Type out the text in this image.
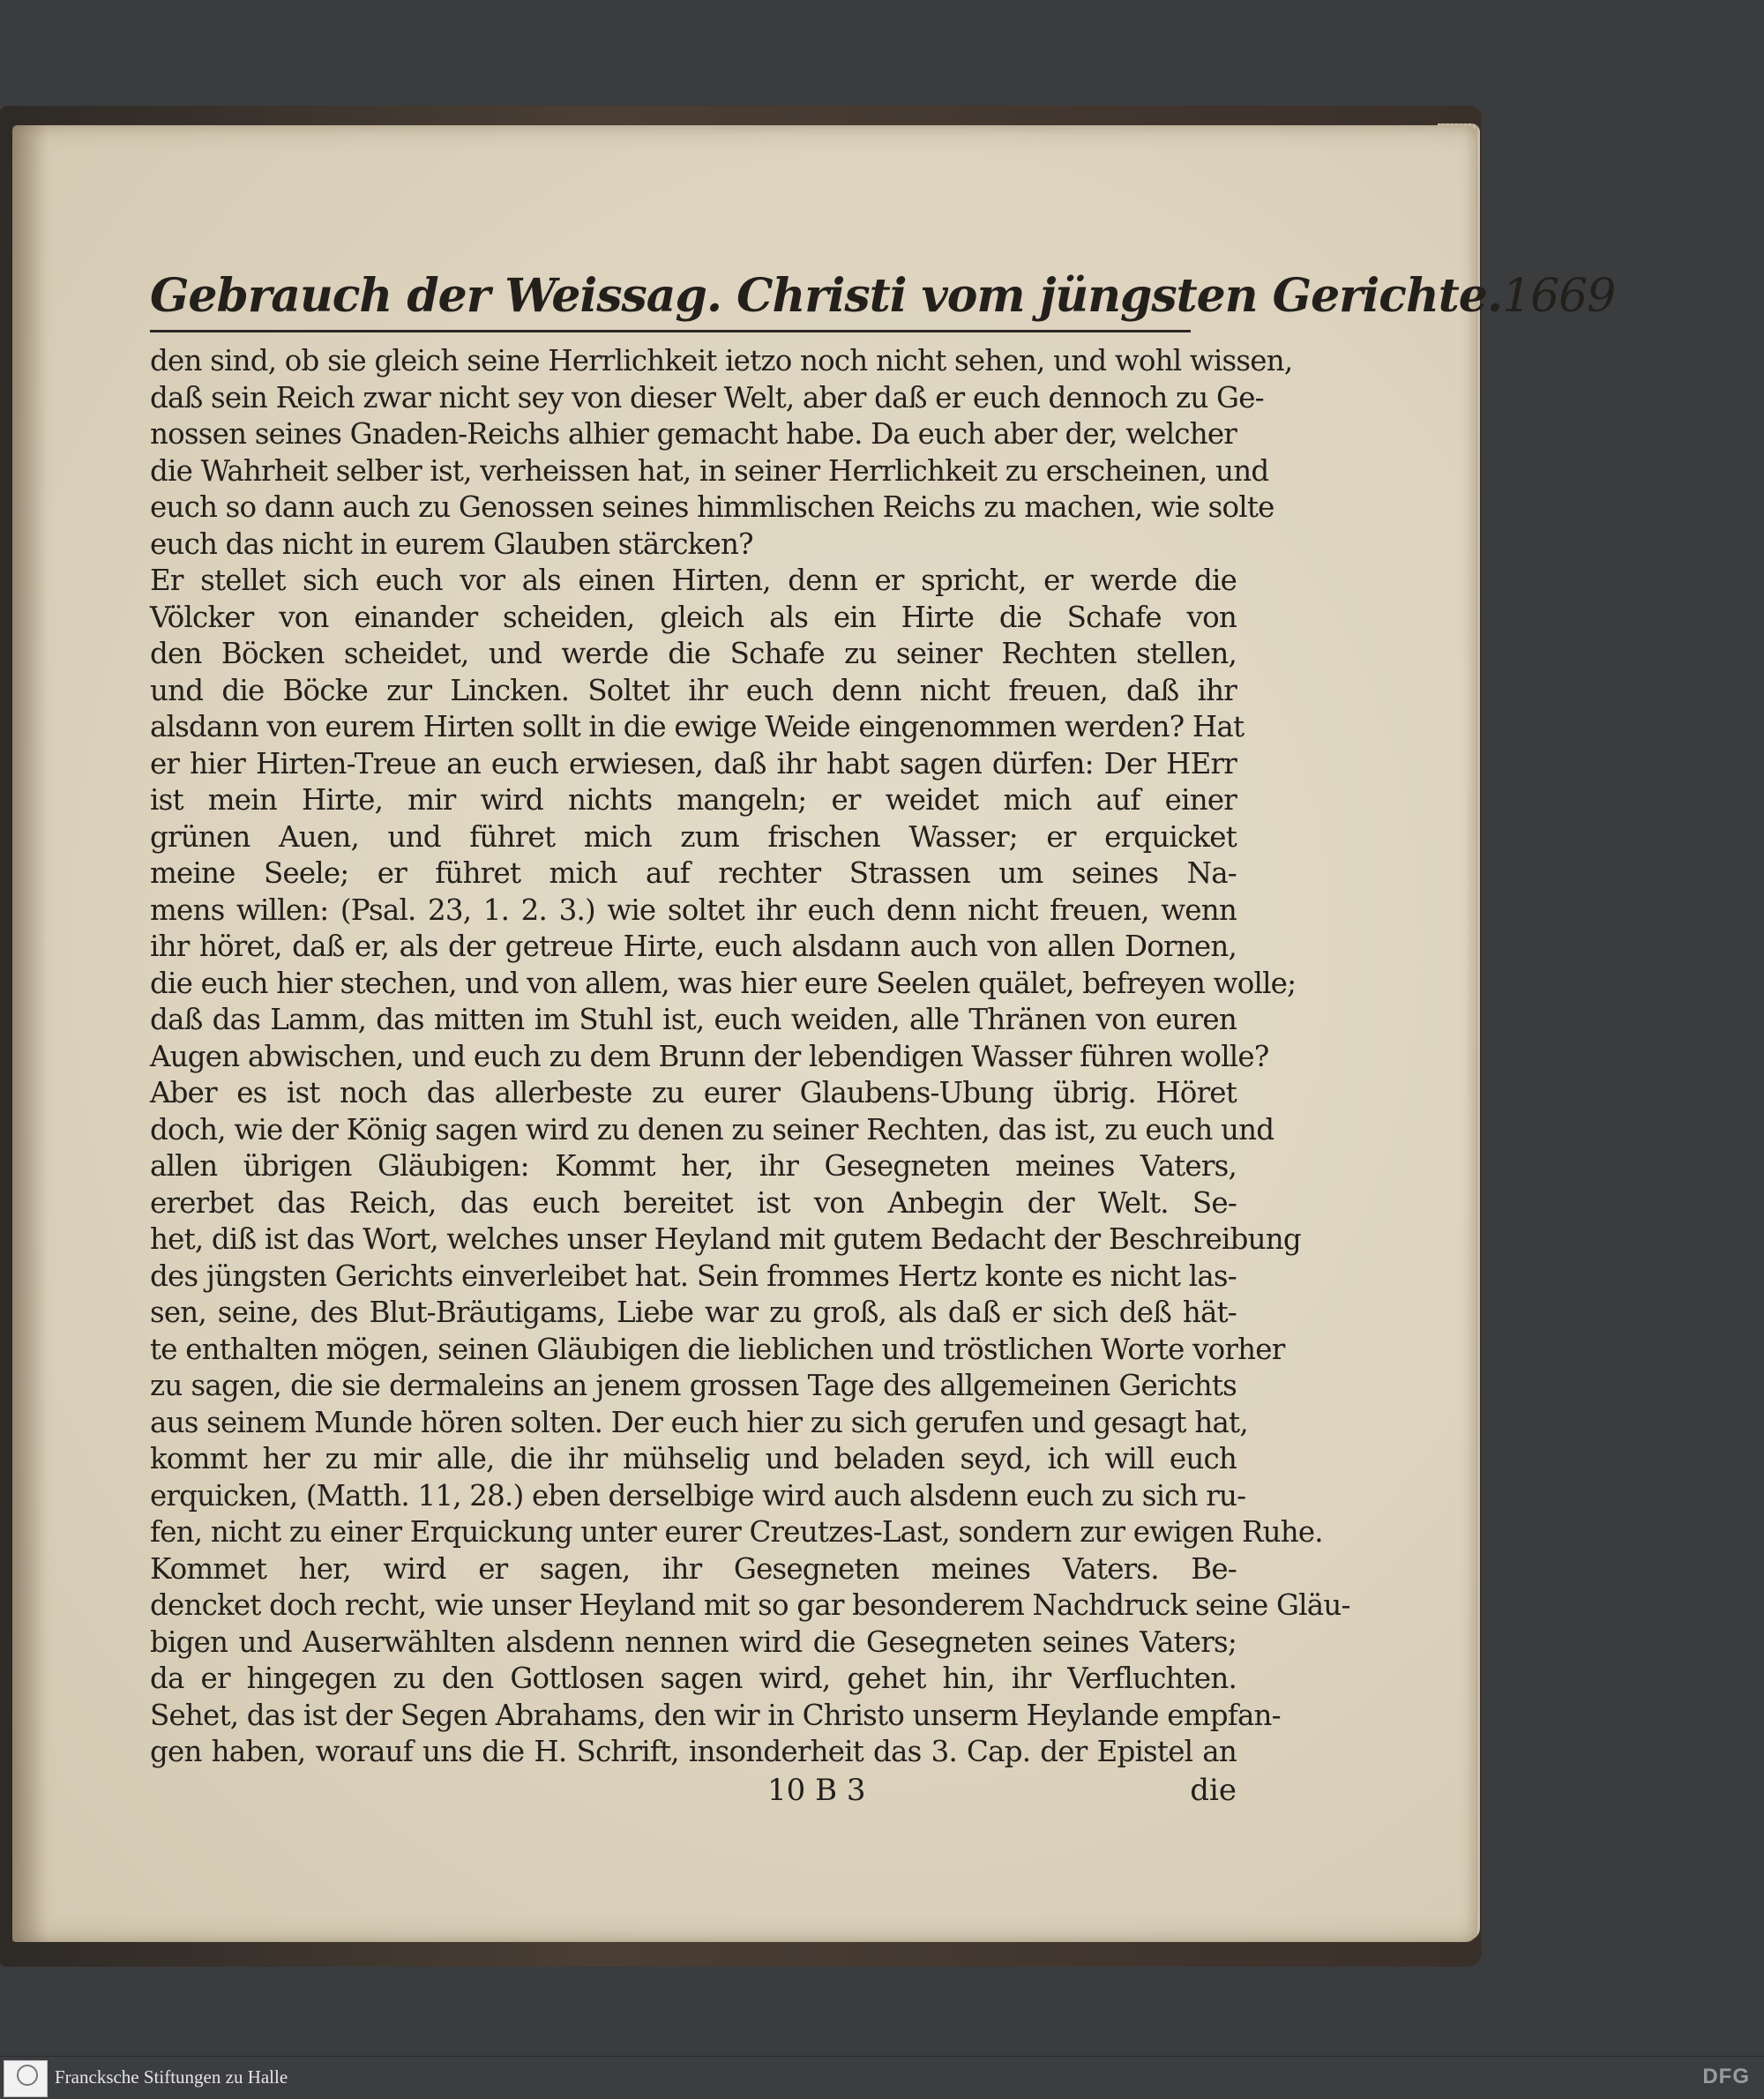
Gebrauch der Weissag. Christi vom jüngsten Gerichte. 1669
den sind, ob sie gleich seine Herrlichkeit ietzo noch nicht sehen, und wohl wissen,
daß sein Reich zwar nicht sey von dieser Welt, aber daß er euch dennoch zu Ge-
nossen seines Gnaden-Reichs alhier gemacht habe. Da euch aber der, welcher
die Wahrheit selber ist, verheissen hat, in seiner Herrlichkeit zu erscheinen, und
euch so dann auch zu Genossen seines himmlischen Reichs zu machen, wie solte
euch das nicht in eurem Glauben stärcken?
Er stellet sich euch vor als einen Hirten, denn er spricht, er werde die
Völcker von einander scheiden, gleich als ein Hirte die Schafe von
den Böcken scheidet, und werde die Schafe zu seiner Rechten stellen,
und die Böcke zur Lincken. Soltet ihr euch denn nicht freuen, daß ihr
alsdann von eurem Hirten sollt in die ewige Weide eingenommen werden? Hat
er hier Hirten-Treue an euch erwiesen, daß ihr habt sagen dürfen: Der HErr
ist mein Hirte, mir wird nichts mangeln; er weidet mich auf einer
grünen Auen, und führet mich zum frischen Wasser; er erquicket
meine Seele; er führet mich auf rechter Strassen um seines Na-
mens willen: (Psal. 23, 1. 2. 3.) wie soltet ihr euch denn nicht freuen, wenn
ihr höret, daß er, als der getreue Hirte, euch alsdann auch von allen Dornen,
die euch hier stechen, und von allem, was hier eure Seelen quälet, befreyen wolle;
daß das Lamm, das mitten im Stuhl ist, euch weiden, alle Thränen von euren
Augen abwischen, und euch zu dem Brunn der lebendigen Wasser führen wolle?
Aber es ist noch das allerbeste zu eurer Glaubens-Ubung übrig. Höret
doch, wie der König sagen wird zu denen zu seiner Rechten, das ist, zu euch und
allen übrigen Gläubigen: Kommt her, ihr Gesegneten meines Vaters,
ererbet das Reich, das euch bereitet ist von Anbegin der Welt. Se-
het, diß ist das Wort, welches unser Heyland mit gutem Bedacht der Beschreibung
des jüngsten Gerichts einverleibet hat. Sein frommes Hertz konte es nicht las-
sen, seine, des Blut-Bräutigams, Liebe war zu groß, als daß er sich deß hät-
te enthalten mögen, seinen Gläubigen die lieblichen und tröstlichen Worte vorher
zu sagen, die sie dermaleins an jenem grossen Tage des allgemeinen Gerichts
aus seinem Munde hören solten. Der euch hier zu sich gerufen und gesagt hat,
kommt her zu mir alle, die ihr mühselig und beladen seyd, ich will euch
erquicken, (Matth. 11, 28.) eben derselbige wird auch alsdenn euch zu sich ru-
fen, nicht zu einer Erquickung unter eurer Creutzes-Last, sondern zur ewigen Ruhe.
Kommet her, wird er sagen, ihr Gesegneten meines Vaters. Be-
dencket doch recht, wie unser Heyland mit so gar besonderem Nachdruck seine Gläu-
bigen und Auserwählten alsdenn nennen wird die Gesegneten seines Vaters;
da er hingegen zu den Gottlosen sagen wird, gehet hin, ihr Verfluchten.
Sehet, das ist der Segen Abrahams, den wir in Christo unserm Heylande empfan-
gen haben, worauf uns die H. Schrift, insonderheit das 3. Cap. der Epistel an
10 B 3	die
Francksche Stiftungen zu Halle	DFG
